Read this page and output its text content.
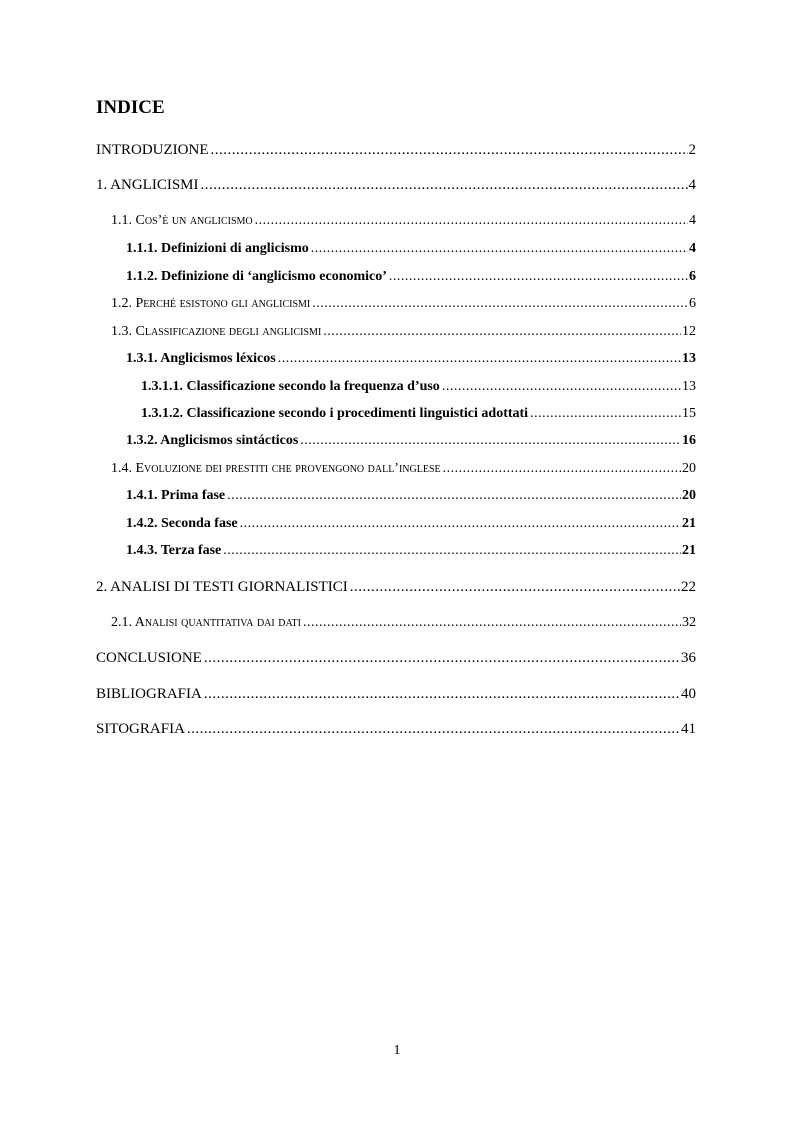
INDICE
INTRODUZIONE .....	2
1. ANGLICISMI .....	4
1.1. Cos’è un anglicismo .....	4
1.1.1. Definizioni di anglicismo .....	4
1.1.2. Definizione di ‘anglicismo economico’ .....	6
1.2. Perché esistono gli anglicismi .....	6
1.3. Classificazione degli anglicismi .....	12
1.3.1. Anglicismos léxicos .....	13
1.3.1.1. Classificazione secondo la frequenza d’uso .....	13
1.3.1.2. Classificazione secondo i procedimenti linguistici adottati .....	15
1.3.2. Anglicismos sintácticos .....	16
1.4. Evoluzione dei prestiti che provengono dall’inglese .....	20
1.4.1. Prima fase .....	20
1.4.2. Seconda fase .....	21
1.4.3. Terza fase .....	21
2. ANALISI DI TESTI GIORNALISTICI .....	22
2.1. Analisi quantitativa dai dati .....	32
CONCLUSIONE .....	36
BIBLIOGRAFIA .....	40
SITOGRAFIA .....	41
1
